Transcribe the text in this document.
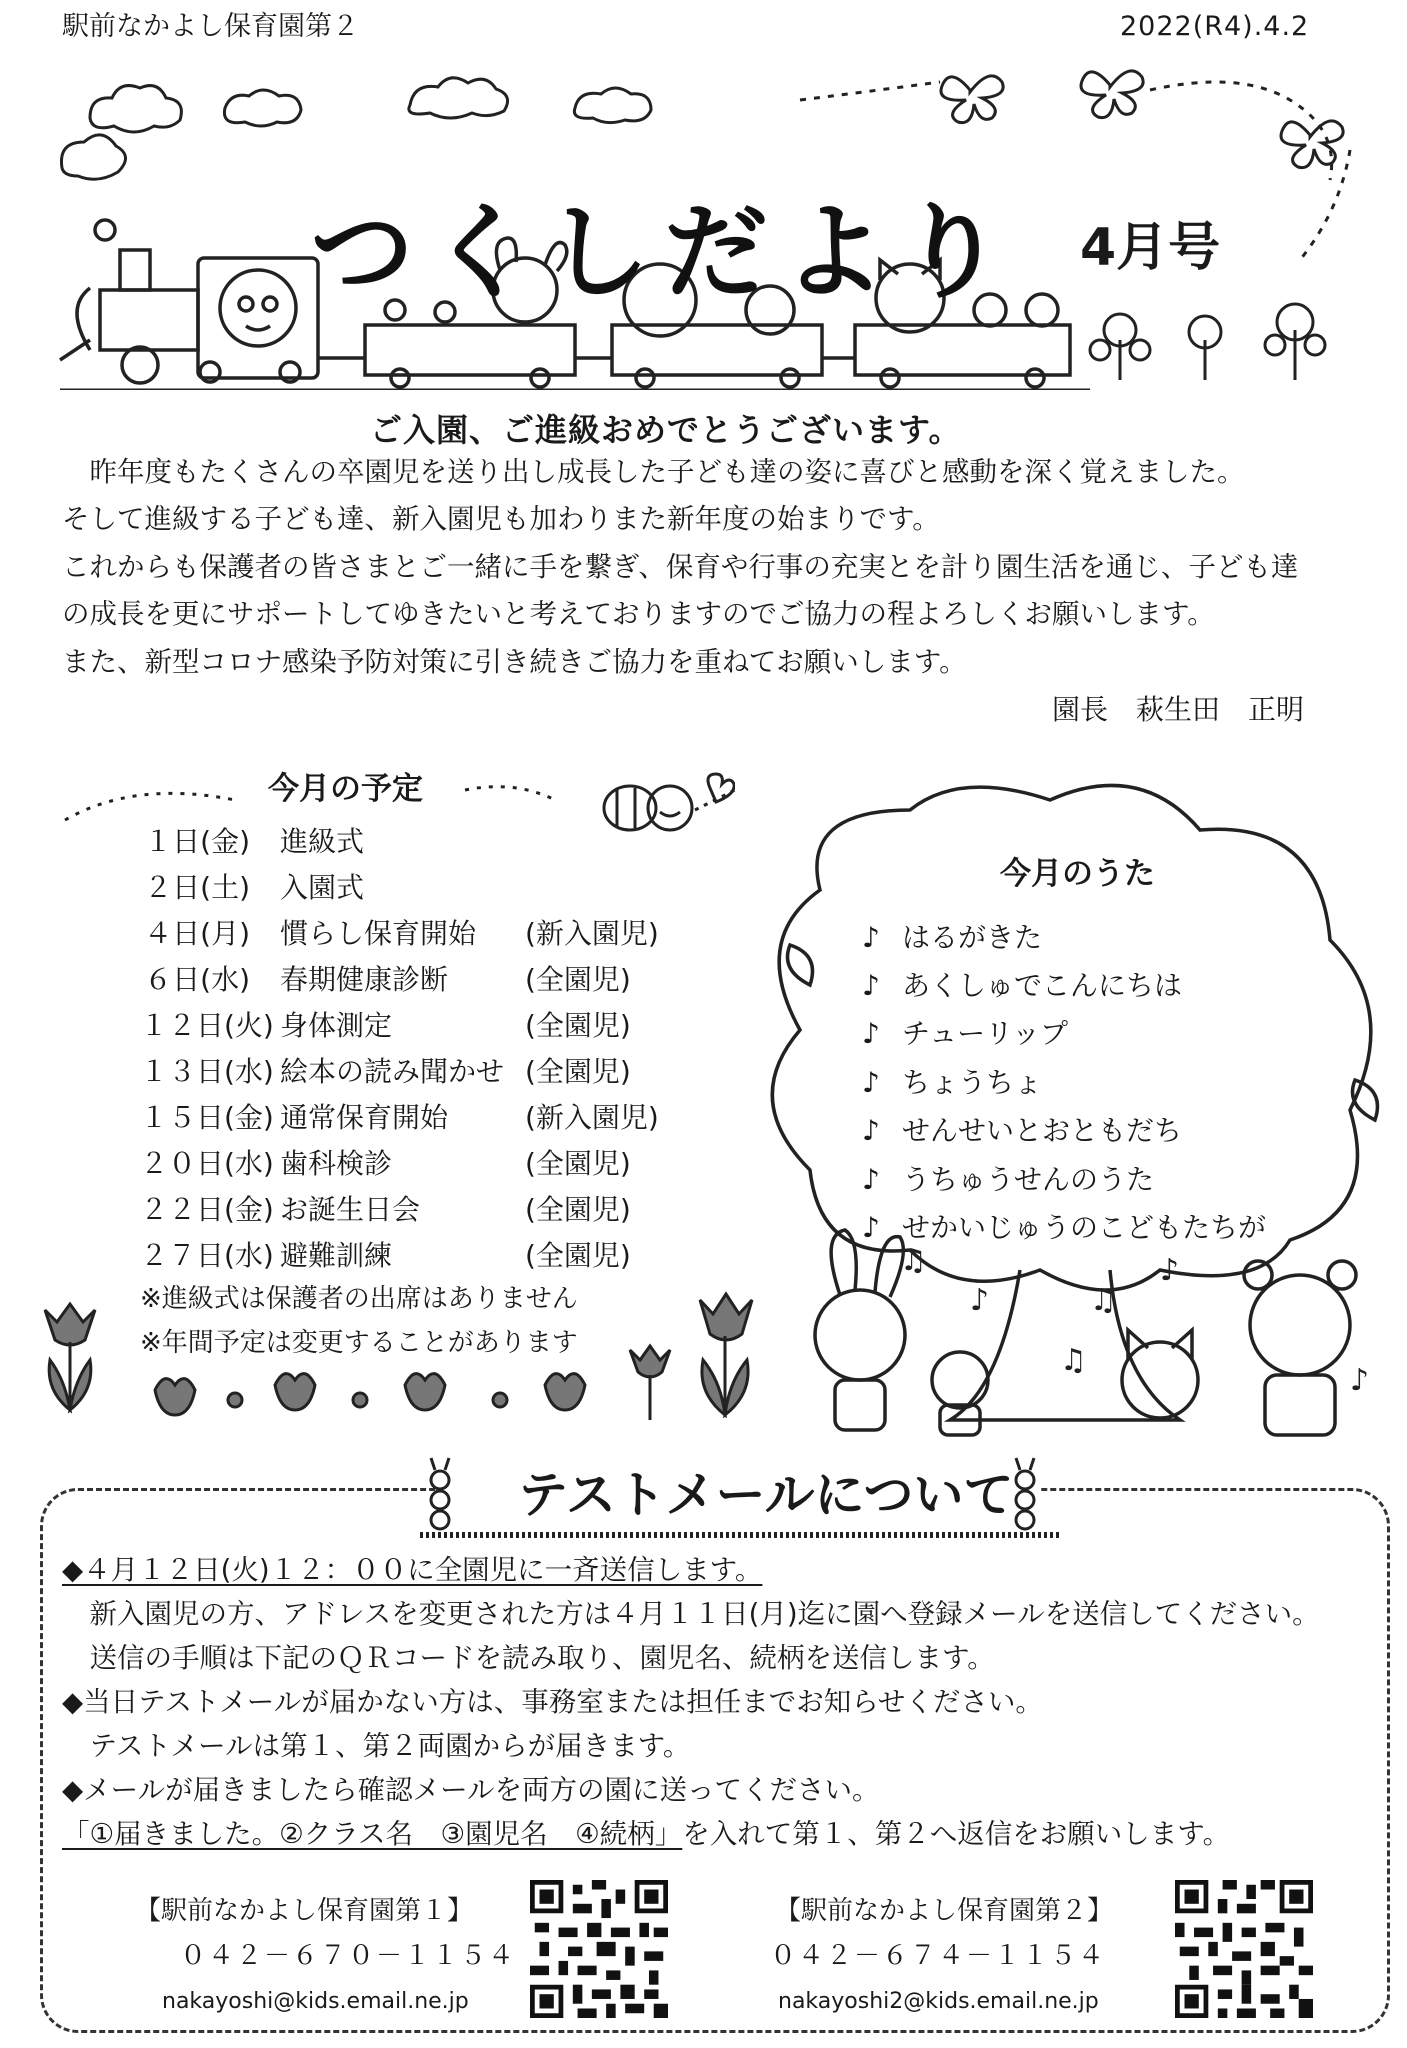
駅前なかよし保育園第２	2022(R4).4.2
つくしだより 4月号
ご入園、ご進級おめでとうございます。
　昨年度もたくさんの卒園児を送り出し成長した子ども達の姿に喜びと感動を深く覚えました。
そして進級する子ども達、新入園児も加わりまた新年度の始まりです。
これからも保護者の皆さまとご一緒に手を繋ぎ、保育や行事の充実とを計り園生活を通じ、子ども達
の成長を更にサポートしてゆきたいと考えておりますのでご協力の程よろしくお願いします。
また、新型コロナ感染予防対策に引き続きご協力を重ねてお願いします。
園長　萩生田　正明
今月の予定
１日(金) 進級式
２日(土) 入園式
４日(月) 慣らし保育開始 (新入園児)
６日(水) 春期健康診断	(全園児)
１２日(火) 身体測定	(全園児)
１３日(水) 絵本の読み聞かせ (全園児)
１５日(金) 通常保育開始	(新入園児)
２０日(水) 歯科検診	(全園児)
２２日(金) お誕生日会	(全園児)
２７日(水) 避難訓練	(全園児)
※進級式は保護者の出席はありません
※年間予定は変更することがあります
♫
♪	♫
♪
♫
♪
今月のうた
♪ はるがきた
♪ あくしゅでこんにちは
♪ チューリップ
♪ ちょうちょ
♪ せんせいとおともだち
♪ うちゅうせんのうた
♪ せかいじゅうのこどもたちが
テストメールについて
◆４月１２日(火)１２：００に全園児に一斉送信します。
　新入園児の方、アドレスを変更された方は４月１１日(月)迄に園へ登録メールを送信してください。
　送信の手順は下記のＱＲコードを読み取り、園児名、続柄を送信します。
◆当日テストメールが届かない方は、事務室または担任までお知らせください。
　テストメールは第１、第２両園からが届きます。
◆メールが届きましたら確認メールを両方の園に送ってください。
「①届きました。②クラス名　③園児名　④続柄」を入れて第１、第２へ返信をお願いします。
【駅前なかよし保育園第１】
０４２－６７０－１１５４
nakayoshi@kids.email.ne.jp
【駅前なかよし保育園第２】
０４２－６７４－１１５４
nakayoshi2@kids.email.ne.jp
